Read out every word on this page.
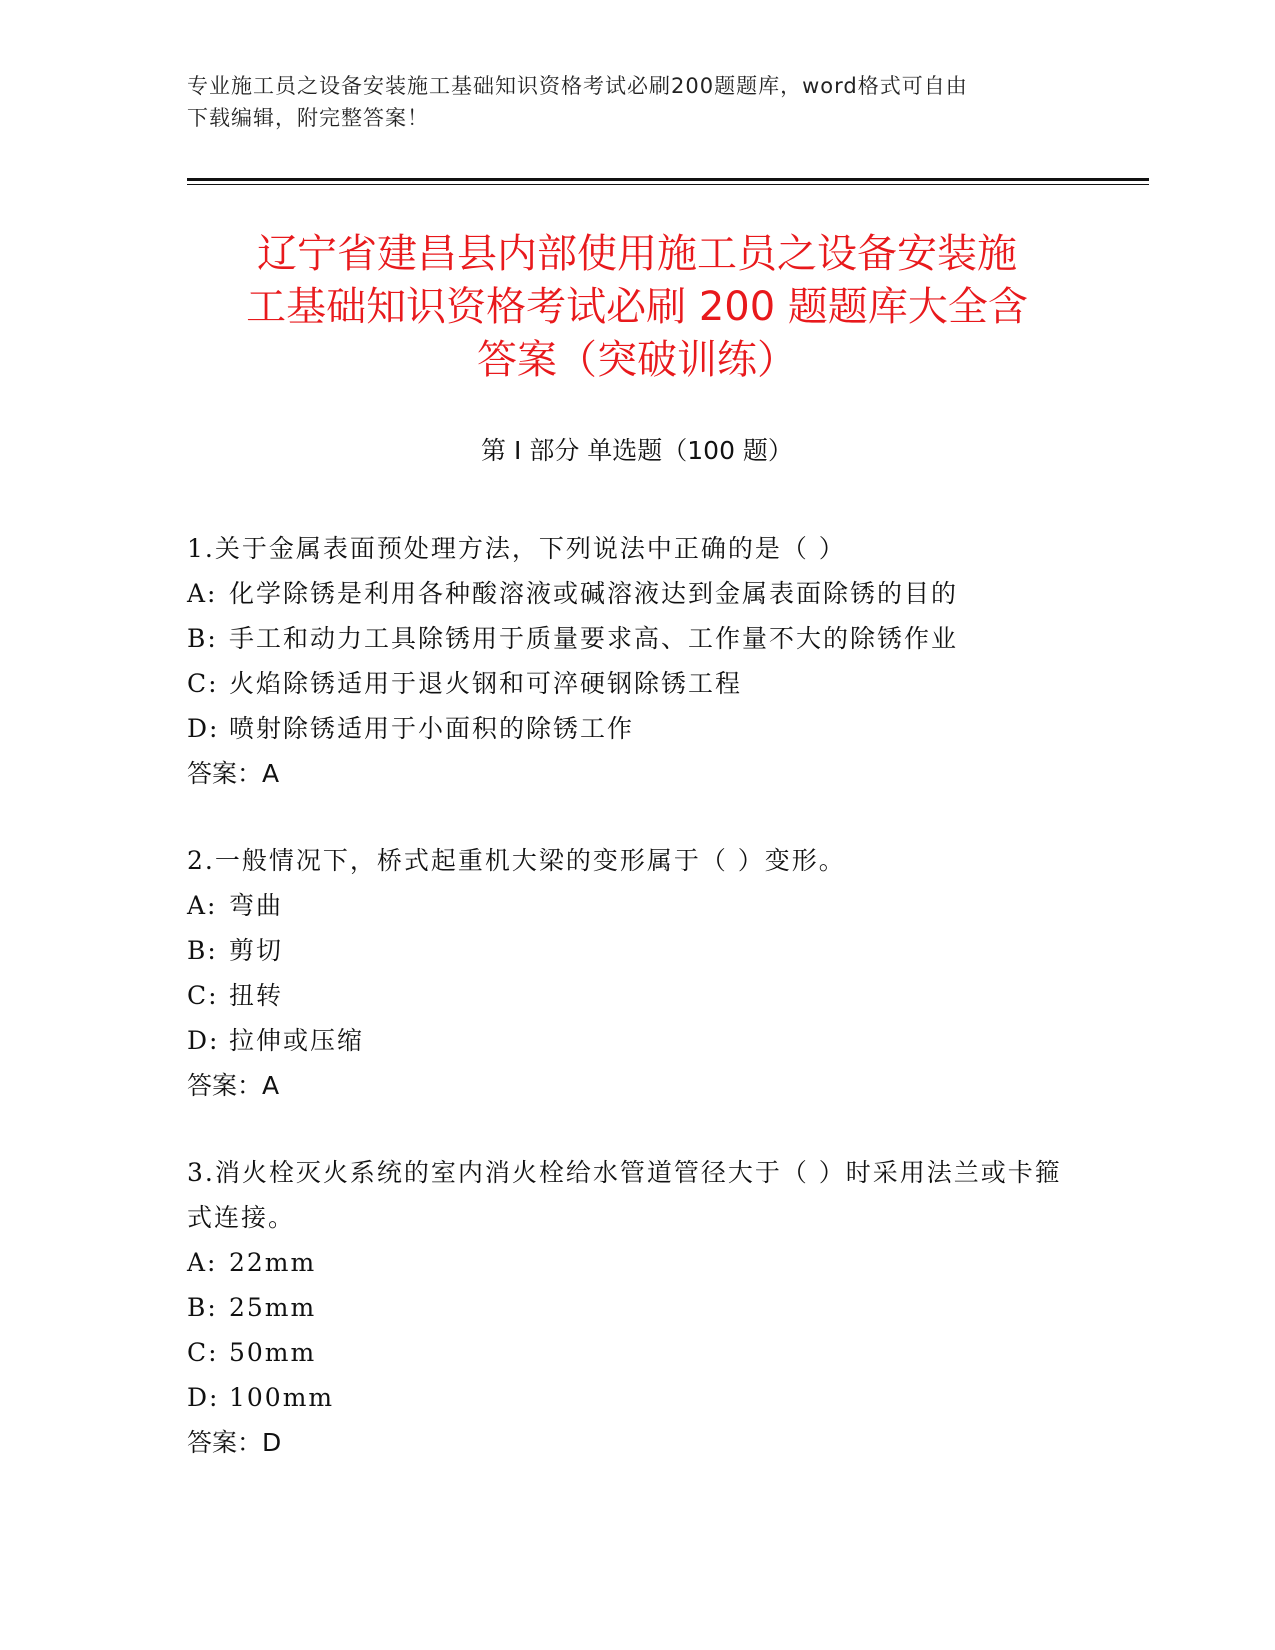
专业施工员之设备安装施工基础知识资格考试必刷200题题库，word格式可自由
下载编辑，附完整答案！
辽宁省建昌县内部使用施工员之设备安装施
工基础知识资格考试必刷 200 题题库大全含
答案（突破训练）
第 I 部分 单选题（100 题）
1.关于金属表面预处理方法，下列说法中正确的是（ ）
A: 化学除锈是利用各种酸溶液或碱溶液达到金属表面除锈的目的
B: 手工和动力工具除锈用于质量要求高、工作量不大的除锈作业
C: 火焰除锈适用于退火钢和可淬硬钢除锈工程
D: 喷射除锈适用于小面积的除锈工作
答案：A
2.一般情况下，桥式起重机大梁的变形属于（ ）变形。
A: 弯曲
B: 剪切
C: 扭转
D: 拉伸或压缩
答案：A
3.消火栓灭火系统的室内消火栓给水管道管径大于（ ）时采用法兰或卡箍式连接。
A: 22mm
B: 25mm
C: 50mm
D: 100mm
答案：D
